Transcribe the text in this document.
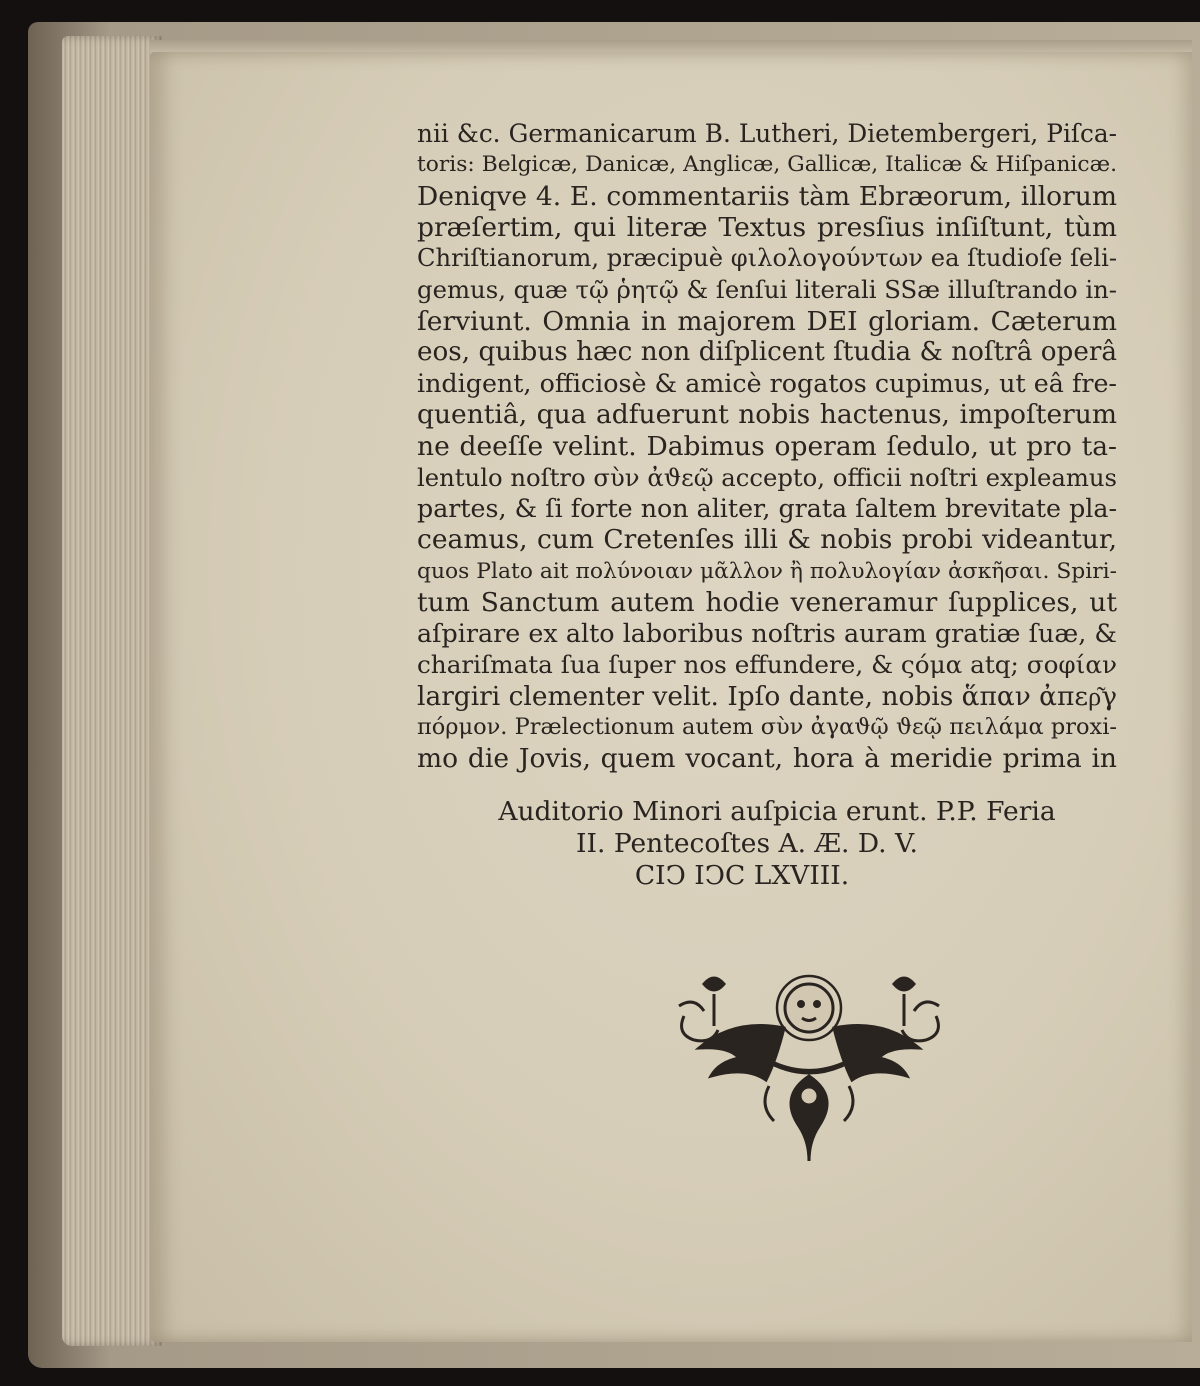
nii &c. Germanicarum B. Lutheri, Dietembergeri, Piſca-
toris: Belgicæ, Danicæ, Anglicæ, Gallicæ, Italicæ & Hiſpanicæ.
Deniqve 4. E. commentariis tàm Ebræorum, illorum
præſertim, qui literæ Textus presſius inſiſtunt, tùm
Chriſtianorum, præcipuè φιλολογούντων ea ſtudioſe ſeli-
gemus, quæ τῷ ῥητῷ & ſenſui literali SSæ illuſtrando in-
ſerviunt. Omnia in majorem DEI gloriam. Cæterum
eos, quibus hæc non diſplicent ſtudia & noſtrâ operâ
indigent, officiosè & amicè rogatos cupimus, ut eâ fre-
quentiâ, qua adfuerunt nobis hactenus, impoſterum
ne deeſſe velint. Dabimus operam ſedulo, ut pro ta-
lentulo noſtro σὺν ἀϑεῷ accepto, officii noſtri expleamus
partes, & ſi forte non aliter, grata ſaltem brevitate pla-
ceamus, cum Cretenſes illi & nobis probi videantur,
quos Plato ait πολύνοιαν μᾶλλον ἢ πολυλογίαν ἀσκῆσαι. Spiri-
tum Sanctum autem hodie veneramur ſupplices, ut
aſpirare ex alto laboribus noſtris auram gratiæ ſuæ, &
chariſmata ſua ſuper nos effundere, & ςόμα atq; σοφίαν
largiri clementer velit. Ipſo dante, nobis ἅπαν ἀπερ͂γ
πόρμον. Prælectionum autem σὺν ἀγαϑῷ ϑεῷ πειλάμα proxi-
mo die Jovis, quem vocant, hora à meridie prima in
Auditorio Minori auſpicia erunt. P.P. Feria
II. Pentecoſtes A. Æ. D. V.
CIↃ IↃC LXVIII.
